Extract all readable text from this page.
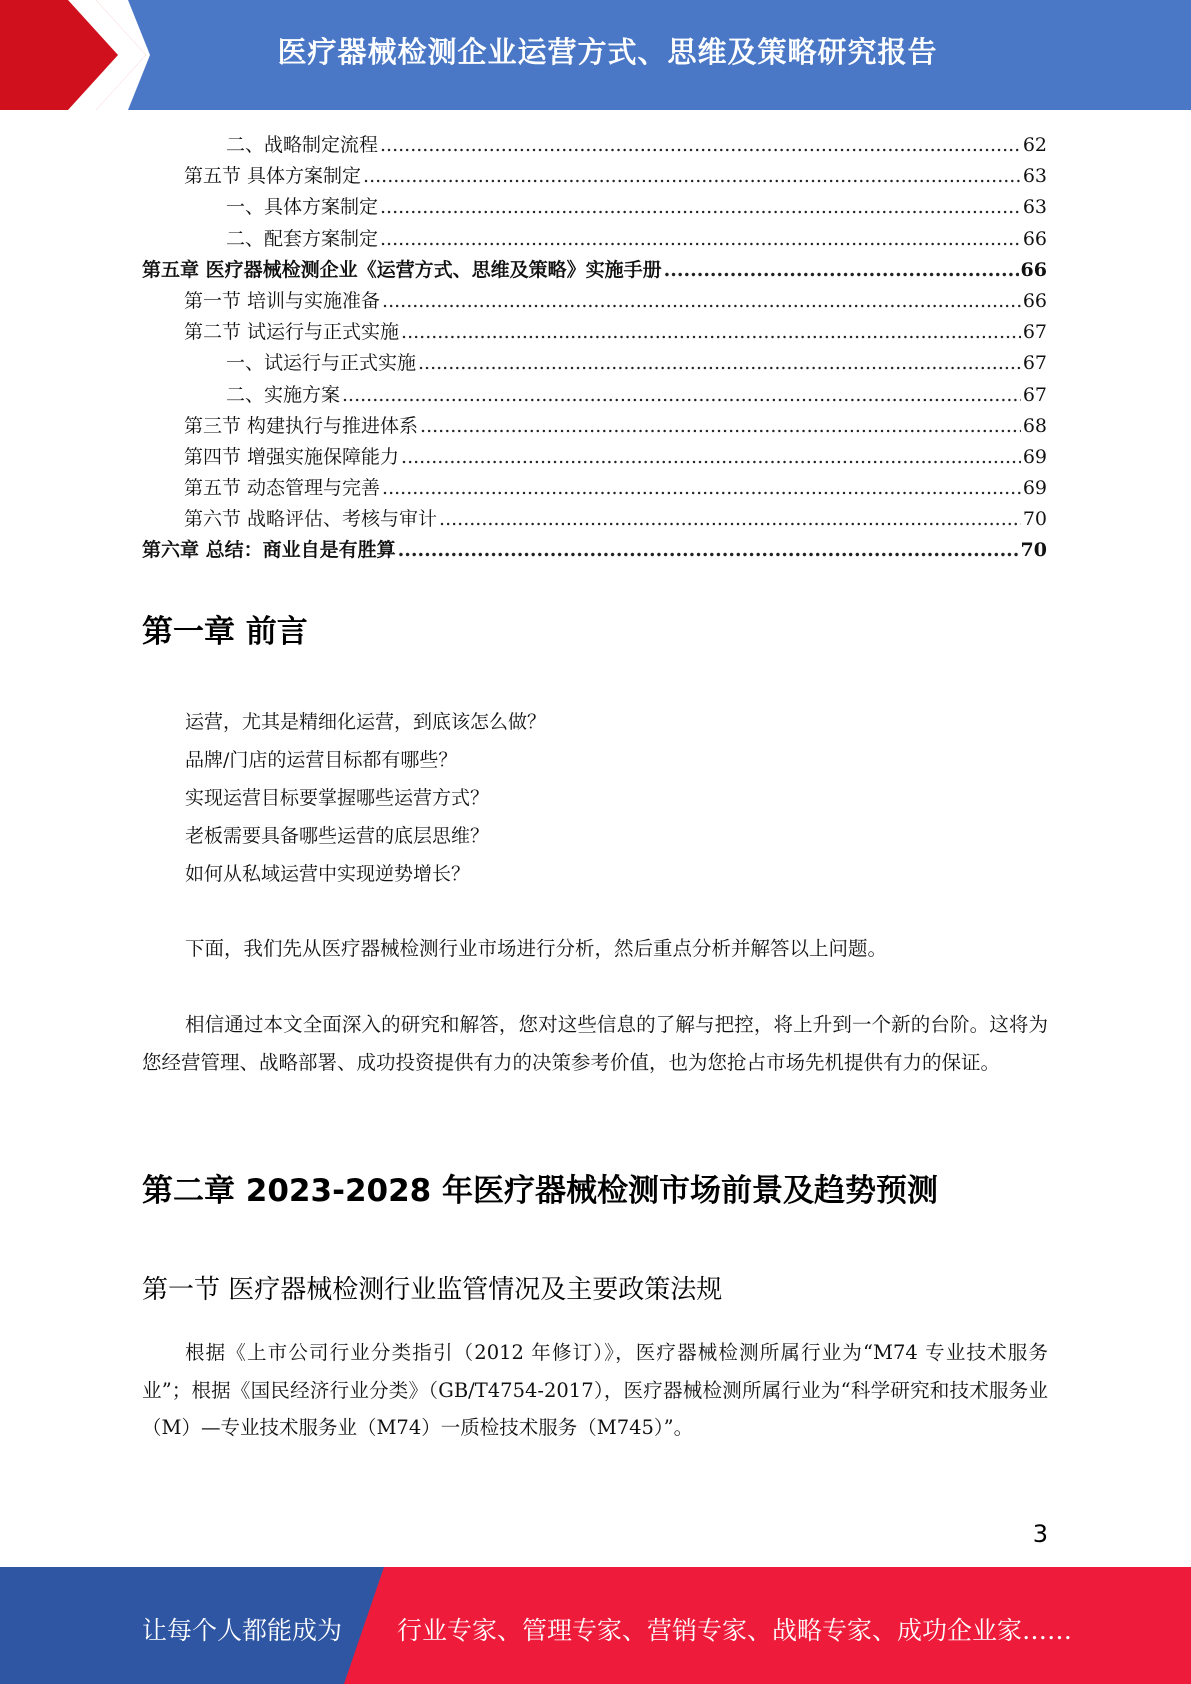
医疗器械检测企业运营方式、思维及策略研究报告
二、战略制定流程 .....	62
第五节 具体方案制定 .....	63
一、具体方案制定 .....	63
二、配套方案制定 .....	66
第五章 医疗器械检测企业《运营方式、思维及策略》实施手册 .....	66
第一节 培训与实施准备 .....	66
第二节 试运行与正式实施 .....	67
一、试运行与正式实施 .....	67
二、实施方案 .....	67
第三节 构建执行与推进体系 .....	68
第四节 增强实施保障能力 .....	69
第五节 动态管理与完善 .....	69
第六节 战略评估、考核与审计 .....	70
第六章 总结：商业自是有胜算 .....	70
第一章 前言
运营，尤其是精细化运营，到底该怎么做？
品牌/门店的运营目标都有哪些？
实现运营目标要掌握哪些运营方式？
老板需要具备哪些运营的底层思维？
如何从私域运营中实现逆势增长？
下面，我们先从医疗器械检测行业市场进行分析，然后重点分析并解答以上问题。
相信通过本文全面深入的研究和解答，您对这些信息的了解与把控，将上升到一个新的台阶。这将为您经营管理、战略部署、成功投资提供有力的决策参考价值，也为您抢占市场先机提供有力的保证。
第二章 2023-2028 年医疗器械检测市场前景及趋势预测
第一节 医疗器械检测行业监管情况及主要政策法规
根据《上市公司行业分类指引（2012 年修订）》，医疗器械检测所属行业为“M74 专业技术服务业”；根据《国民经济行业分类》（GB/T4754-2017），医疗器械检测所属行业为“科学研究和技术服务业（M）—专业技术服务业（M74）一质检技术服务（M745）”。
3
让每个人都能成为 行业专家、管理专家、营销专家、战略专家、成功企业家……
